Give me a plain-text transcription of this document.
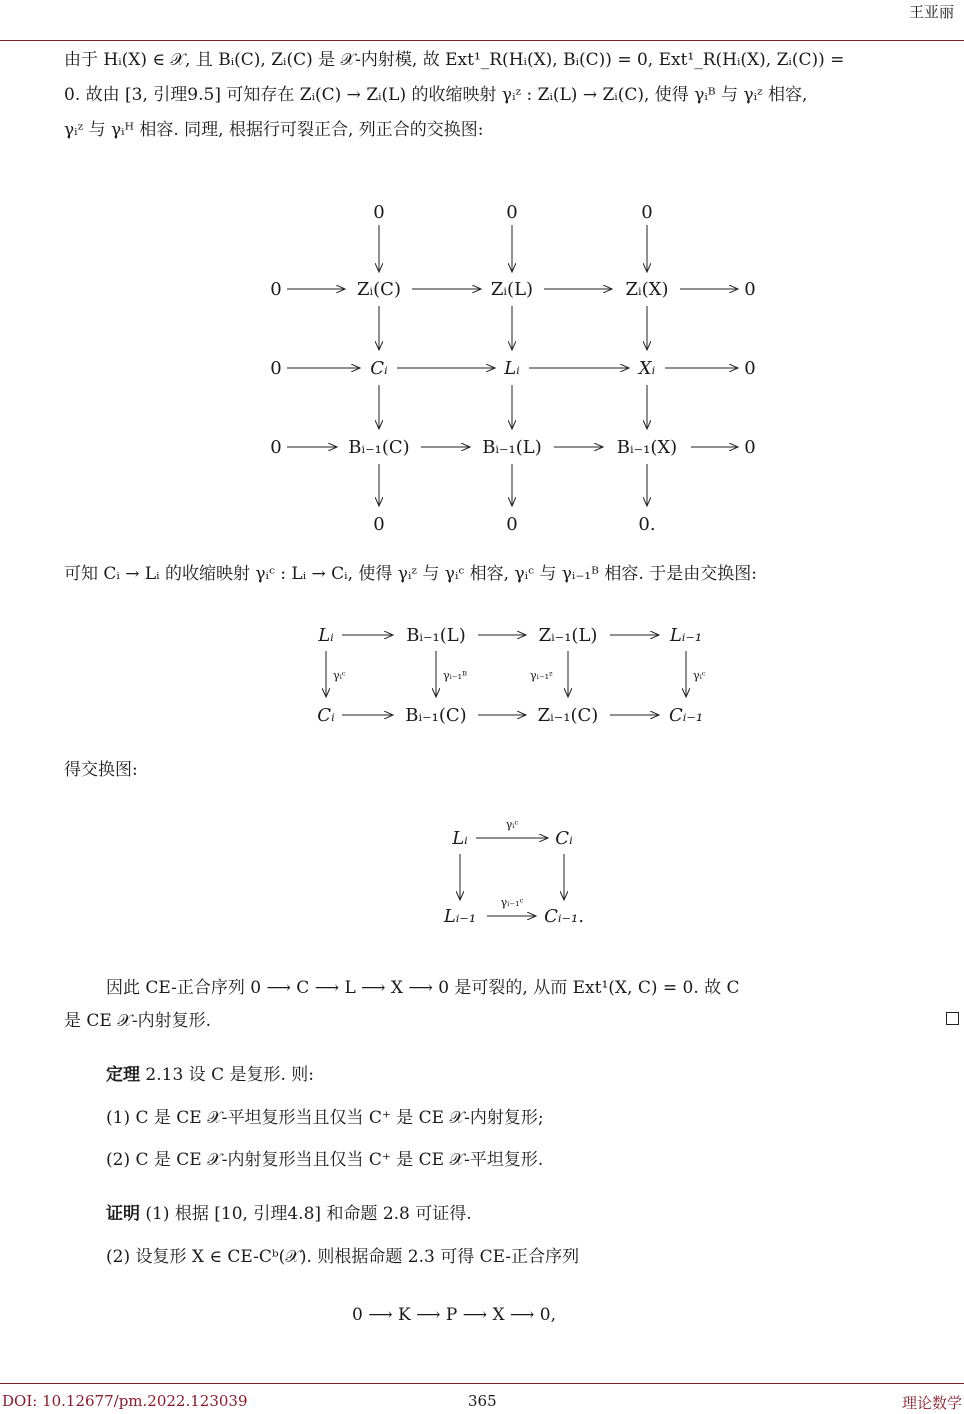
王亚丽
由于 Hᵢ(X) ∈ 𝒳, 且 Bᵢ(C), Zᵢ(C) 是 𝒳-内射模, 故 Ext¹_R(Hᵢ(X), Bᵢ(C)) = 0, Ext¹_R(Hᵢ(X), Zᵢ(C)) =
0. 故由 [3, 引理9.5] 可知存在 Zᵢ(C) → Zᵢ(L) 的收缩映射 γᵢᶻ : Zᵢ(L) → Zᵢ(C), 使得 γᵢᴮ 与 γᵢᶻ 相容,
γᵢᶻ 与 γᵢᴴ 相容. 同理, 根据行可裂正合, 列正合的交换图:
0	0	0
0	Zᵢ(C)	Zᵢ(L)	Zᵢ(X)	0
0	Cᵢ	Lᵢ	Xᵢ	0
0	Bᵢ₋₁(C)	Bᵢ₋₁(L)	Bᵢ₋₁(X)	0
0	0	0.
可知 Cᵢ → Lᵢ 的收缩映射 γᵢᶜ : Lᵢ → Cᵢ, 使得 γᵢᶻ 与 γᵢᶜ 相容, γᵢᶜ 与 γᵢ₋₁ᴮ 相容. 于是由交换图:
Lᵢ	Bᵢ₋₁(L)	Zᵢ₋₁(L)	Lᵢ₋₁
γᵢᶜ	γᵢ₋₁ᴮ	γᵢ₋₁ᶻ	γᵢᶜ
Cᵢ	Bᵢ₋₁(C)	Zᵢ₋₁(C)	Cᵢ₋₁
得交换图:
γᵢᶜ
Lᵢ	Cᵢ
γᵢ₋₁ᶜ
Lᵢ₋₁	Cᵢ₋₁.
因此 CE-正合序列 0 ⟶ C ⟶ L ⟶ X ⟶ 0 是可裂的, 从而 Ext¹(X, C) = 0. 故 C
是 CE 𝒳-内射复形.
定理 2.13 设 C 是复形. 则:
(1) C 是 CE 𝒳-平坦复形当且仅当 C⁺ 是 CE 𝒳-内射复形;
(2) C 是 CE 𝒳-内射复形当且仅当 C⁺ 是 CE 𝒳-平坦复形.
证明 (1) 根据 [10, 引理4.8] 和命题 2.8 可证得.
(2) 设复形 X ∈ CE-Cᵇ(𝒳). 则根据命题 2.3 可得 CE-正合序列
0 ⟶ K ⟶ P ⟶ X ⟶ 0,
DOI: 10.12677/pm.2022.123039	365	理论数学
